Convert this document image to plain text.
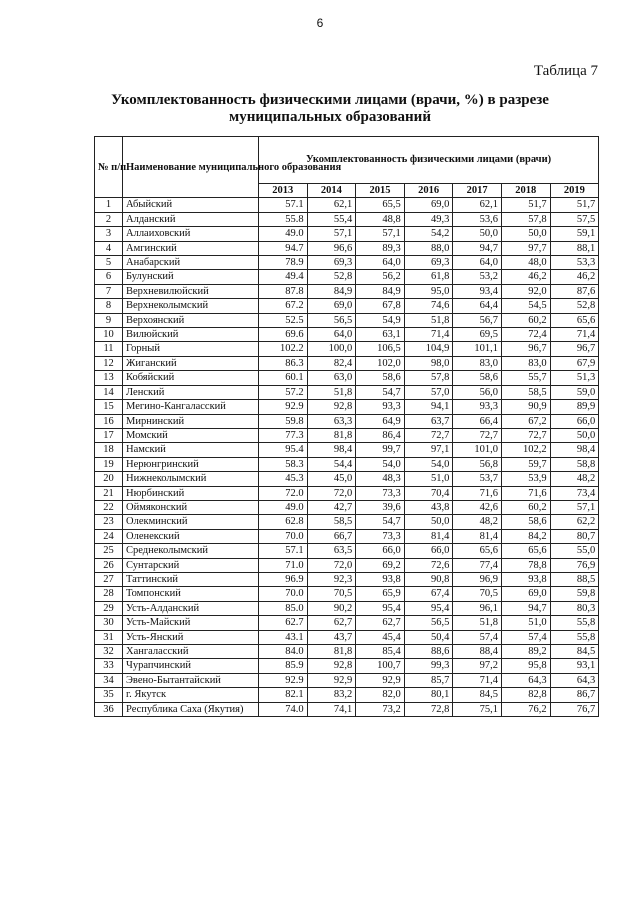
6
Таблица 7
Укомплектованность физическими лицами (врачи, %) в разрезе муниципальных образований
№ п/п	Наименование муниципального образования	Укомплектованность физическими лицами (врачи)						
		2013	2014	2015	2016	2017	2018	2019
1	Абыйский	57.1	62,1	65,5	69,0	62,1	51,7	51,7
2	Алданский	55.8	55,4	48,8	49,3	53,6	57,8	57,5
3	Аллаиховский	49.0	57,1	57,1	54,2	50,0	50,0	59,1
4	Амгинский	94.7	96,6	89,3	88,0	94,7	97,7	88,1
5	Анабарский	78.9	69,3	64,0	69,3	64,0	48,0	53,3
6	Булунский	49.4	52,8	56,2	61,8	53,2	46,2	46,2
7	Верхневилюйский	87.8	84,9	84,9	95,0	93,4	92,0	87,6
8	Верхнеколымский	67.2	69,0	67,8	74,6	64,4	54,5	52,8
9	Верхоянский	52.5	56,5	54,9	51,8	56,7	60,2	65,6
10	Вилюйский	69.6	64,0	63,1	71,4	69,5	72,4	71,4
11	Горный	102.2	100,0	106,5	104,9	101,1	96,7	96,7
12	Жиганский	86.3	82,4	102,0	98,0	83,0	83,0	67,9
13	Кобяйский	60.1	63,0	58,6	57,8	58,6	55,7	51,3
14	Ленский	57.2	51,8	54,7	57,0	56,0	58,5	59,0
15	Мегино-Кангаласский	92.9	92,8	93,3	94,1	93,3	90,9	89,9
16	Мирнинский	59.8	63,3	64,9	63,7	66,4	67,2	66,0
17	Момский	77.3	81,8	86,4	72,7	72,7	72,7	50,0
18	Намский	95.4	98,4	99,7	97,1	101,0	102,2	98,4
19	Нерюнгринский	58.3	54,4	54,0	54,0	56,8	59,7	58,8
20	Нижнеколымский	45.3	45,0	48,3	51,0	53,7	53,9	48,2
21	Нюрбинский	72.0	72,0	73,3	70,4	71,6	71,6	73,4
22	Оймяконский	49.0	42,7	39,6	43,8	42,6	60,2	57,1
23	Олекминский	62.8	58,5	54,7	50,0	48,2	58,6	62,2
24	Оленекский	70.0	66,7	73,3	81,4	81,4	84,2	80,7
25	Среднеколымский	57.1	63,5	66,0	66,0	65,6	65,6	55,0
26	Сунтарский	71.0	72,0	69,2	72,6	77,4	78,8	76,9
27	Таттинский	96.9	92,3	93,8	90,8	96,9	93,8	88,5
28	Томпонский	70.0	70,5	65,9	67,4	70,5	69,0	59,8
29	Усть-Алданский	85.0	90,2	95,4	95,4	96,1	94,7	80,3
30	Усть-Майский	62.7	62,7	62,7	56,5	51,8	51,0	55,8
31	Усть-Янский	43.1	43,7	45,4	50,4	57,4	57,4	55,8
32	Хангаласский	84.0	81,8	85,4	88,6	88,4	89,2	84,5
33	Чурапчинский	85.9	92,8	100,7	99,3	97,2	95,8	93,1
34	Эвено-Бытантайский	92.9	92,9	92,9	85,7	71,4	64,3	64,3
35	г. Якутск	82.1	83,2	82,0	80,1	84,5	82,8	86,7
36	Республика Саха (Якутия)	74.0	74,1	73,2	72,8	75,1	76,2	76,7
